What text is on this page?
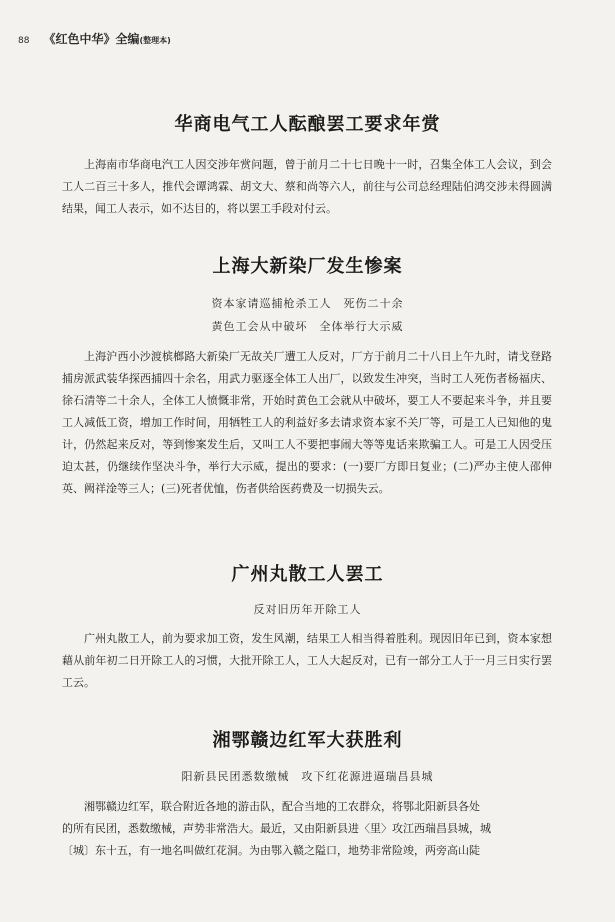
88 《红色中华》全编 (整理本)
华商电气工人酝酿罢工要求年赏

上海南市华商电汽工人因交涉年赏问题，曾于前月二十七日晚十一时，召集全体工人会议，到会工人二百三十多人，推代会谭鸿霖、胡文大、蔡和尚等六人，前往与公司总经理陆伯鸿交涉未得圆满结果，闻工人表示，如不达目的，将以罢工手段对付云。

上海大新染厂发生惨案
资本家请巡捕枪杀工人　死伤二十余
黄色工会从中破坏　全体举行大示威

上海沪西小沙渡槟榔路大新染厂无故关厂遭工人反对，厂方于前月二十八日上午九时，请戈登路捕房派武装华探西捕四十余名，用武力驱逐全体工人出厂，以致发生冲突，当时工人死伤者杨福庆、徐石清等二十余人，全体工人愤慨非常，开始时黄色工会就从中破坏，要工人不要起来斗争，并且要工人减低工资，增加工作时间，用牺牲工人的利益好多去请求资本家不关厂等，可是工人已知他的鬼计，仍然起来反对，等到惨案发生后，又叫工人不要把事闹大等等鬼话来欺骗工人。可是工人因受压迫太甚，仍继续作坚决斗争，举行大示威，提出的要求：(一)要厂方即日复业；(二)严办主使人邵伸英、阙祥淦等三人；(三)死者优恤，伤者供给医药费及一切损失云。

广州丸散工人罢工
反对旧历年开除工人

广州丸散工人，前为要求加工资，发生风潮，结果工人相当得着胜利。现因旧年已到，资本家想藉从前年初二日开除工人的习惯，大批开除工人，工人大起反对，已有一部分工人于一月三日实行罢工云。

湘鄂赣边红军大获胜利
阳新县民团悉数缴械　攻下红花源进逼瑞昌县城

湘鄂赣边红军，联合附近各地的游击队，配合当地的工农群众，将鄂北阳新县各处

的所有民团，悉数缴械，声势非常浩大。最近，又由阳新县进〈里〉攻江西瑞昌县城，城

〔城〕东十五，有一地名叫做红花洞。为由鄂入赣之隘口，地势非常险竣，两旁高山陡
